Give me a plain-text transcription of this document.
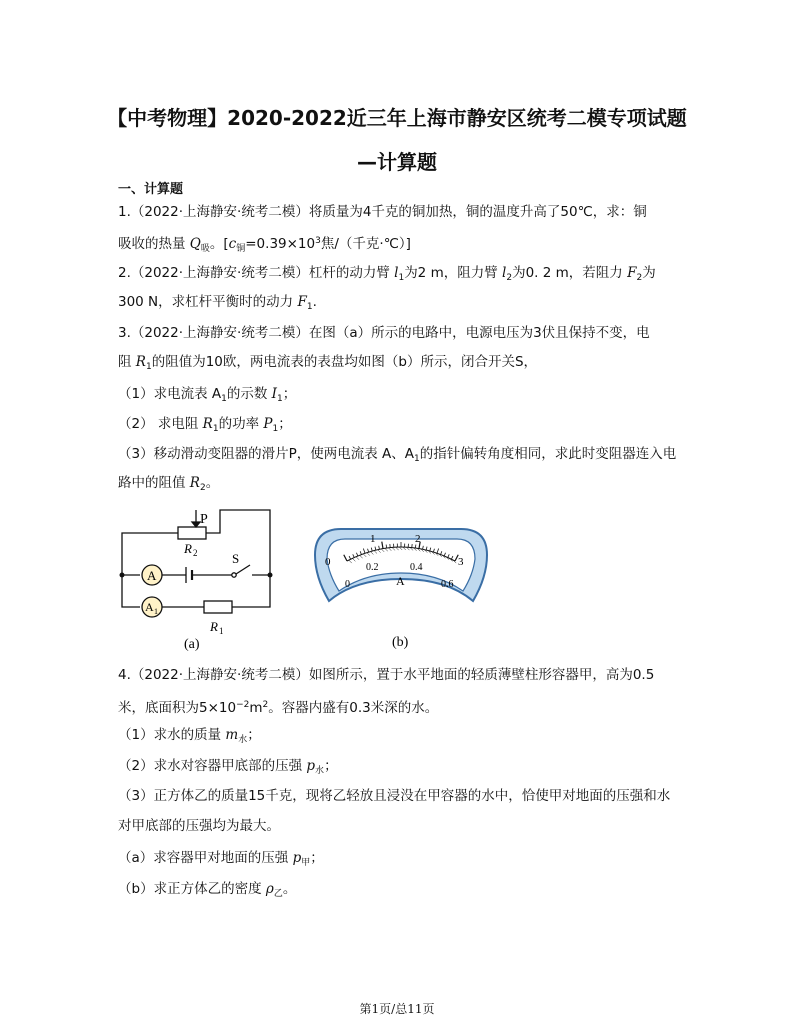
【中考物理】2020-2022近三年上海市静安区统考二模专项试题
—计算题
一、计算题
1.（2022·上海静安·统考二模）将质量为4千克的铜加热，铜的温度升高了50℃，求：铜
吸收的热量 $Q_吸$。[$c_铜=0.39\times 10^3$焦/（千克·℃）]
2.（2022·上海静安·统考二模）杠杆的动力臂 $l_1$为2 m，阻力臂 $l_2$为0. 2 m，若阻力 $F_2$为
300 N，求杠杆平衡时的动力 $F_1$.
3.（2022·上海静安·统考二模）在图（a）所示的电路中，电源电压为3伏且保持不变，电
阻 $R_1$的阻值为10欧，两电流表的表盘均如图（b）所示，闭合开关S，
（1）求电流表 $A_1$的示数 $I_1$；
（2） 求电阻 $R_1$的功率 $P_1$；
（3）移动滑动变阻器的滑片P，使两电流表 A、$A_1$的指针偏转角度相同，求此时变阻器连入电
路中的阻值 $R_2$。
P
R 2	S
A
A 1
R 1
(a)
0
1	2
3
0
0.2	0.4
0.6
A
(b)
4.（2022·上海静安·统考二模）如图所示，置于水平地面的轻质薄壁柱形容器甲，高为0.5
米，底面积为$5\times 10^{-2}m^2$。容器内盛有0.3米深的水。
（1）求水的质量 $m_水$；
（2）求水对容器甲底部的压强 $p_水$；
（3）正方体乙的质量15千克，现将乙轻放且浸没在甲容器的水中，恰使甲对地面的压强和水
对甲底部的压强均为最大。
（a）求容器甲对地面的压强 $p_甲$；
（b）求正方体乙的密度 $\rho_乙$。
第1页/总11页
